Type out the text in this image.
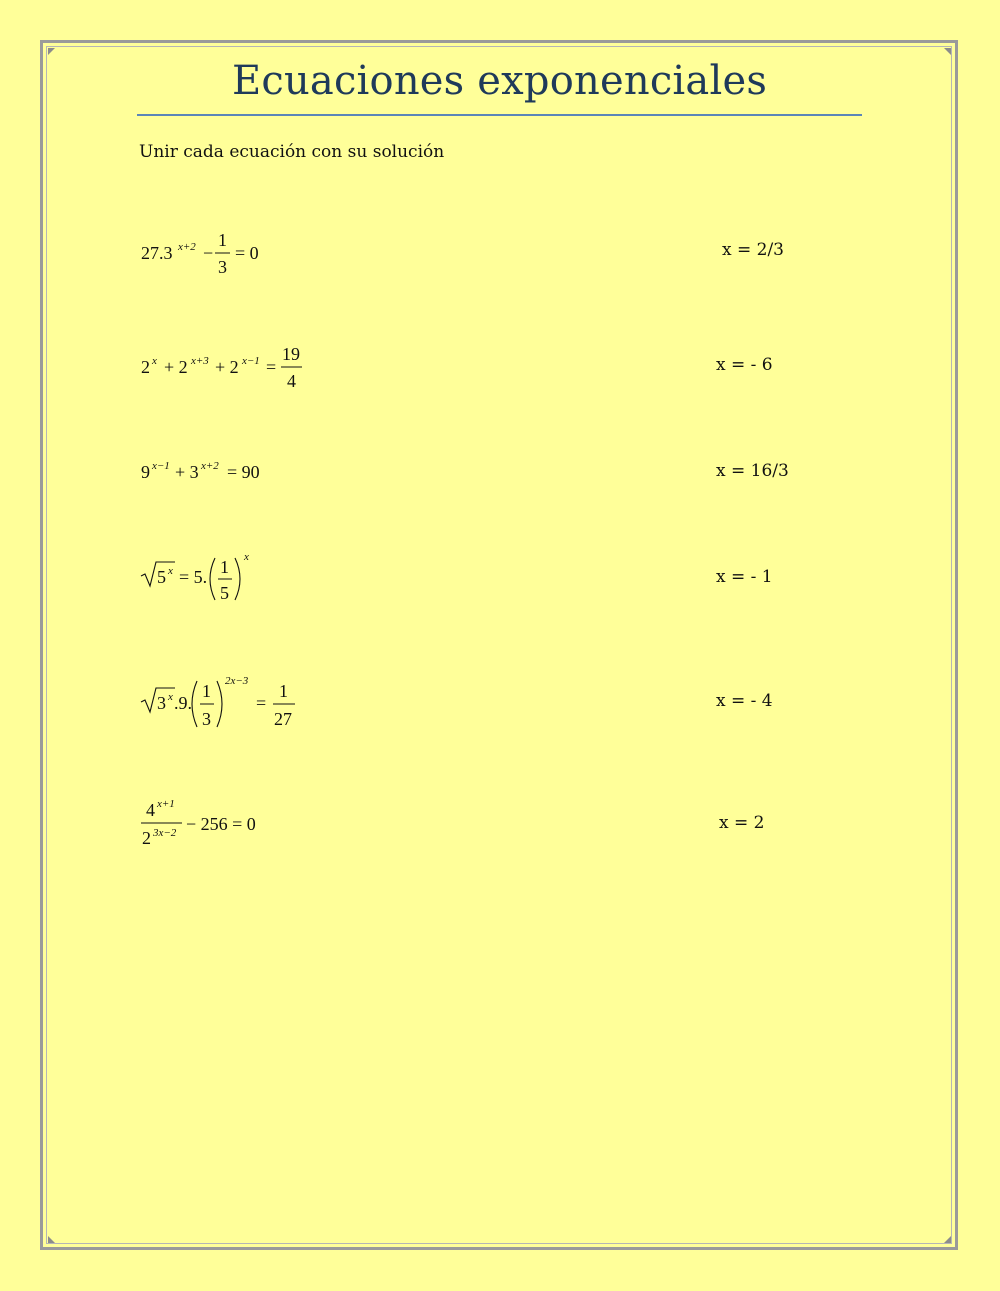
Ecuaciones exponenciales
Unir cada ecuación con su solución
27.3 x+2 −
1
3
= 0
2 x + 2 x+3 + 2 x−1 =
19
4
9 x−1 + 3 x+2 = 90
5 x = 5. 1
5
x
3 x .9.
1
3
2x−3
=
1
27
4 x+1
2 3x−2 − 256 = 0
x = 2/3
x = - 6
x = 16/3
x = - 1
x = - 4
x = 2
